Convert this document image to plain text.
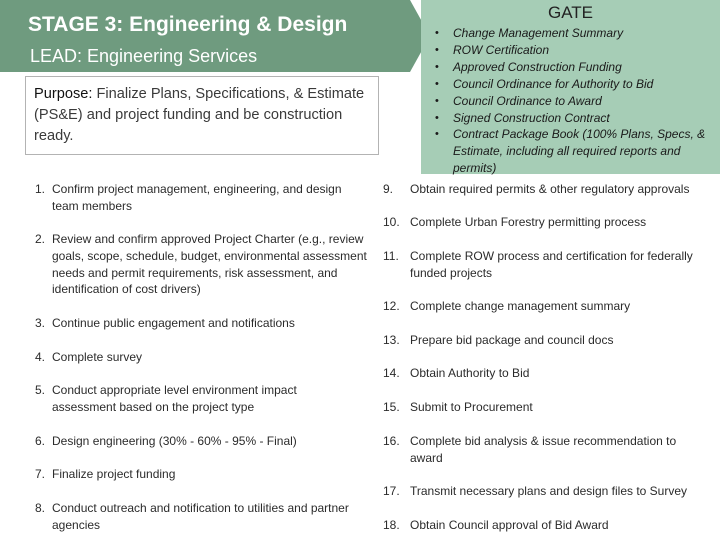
STAGE 3: Engineering & Design
LEAD: Engineering Services
Purpose: Finalize Plans, Specifications, & Estimate (PS&E) and project funding and be construction ready.
GATE
• Change Management Summary
• ROW Certification
• Approved Construction Funding
• Council Ordinance for Authority to Bid
• Council Ordinance to Award
• Signed Construction Contract
• Contract Package Book (100% Plans, Specs, & Estimate, including all required reports and permits)
1. Confirm project management, engineering, and design team members
2. Review and confirm approved Project Charter (e.g., review goals, scope, schedule, budget, environmental assessment needs and permit requirements, risk assessment, and identification of cost drivers)
3. Continue public engagement and notifications
4. Complete survey
5. Conduct appropriate level environment impact assessment based on the project type
6. Design engineering (30% - 60% - 95% - Final)
7. Finalize project funding
8. Conduct outreach and notification to utilities and partner agencies
9. Obtain required permits & other regulatory approvals
10. Complete Urban Forestry permitting process
11. Complete ROW process and certification for federally funded projects
12. Complete change management summary
13. Prepare bid package and council docs
14. Obtain Authority to Bid
15. Submit to Procurement
16. Complete bid analysis & issue recommendation to award
17. Transmit necessary plans and design files to Survey
18. Obtain Council approval of Bid Award
